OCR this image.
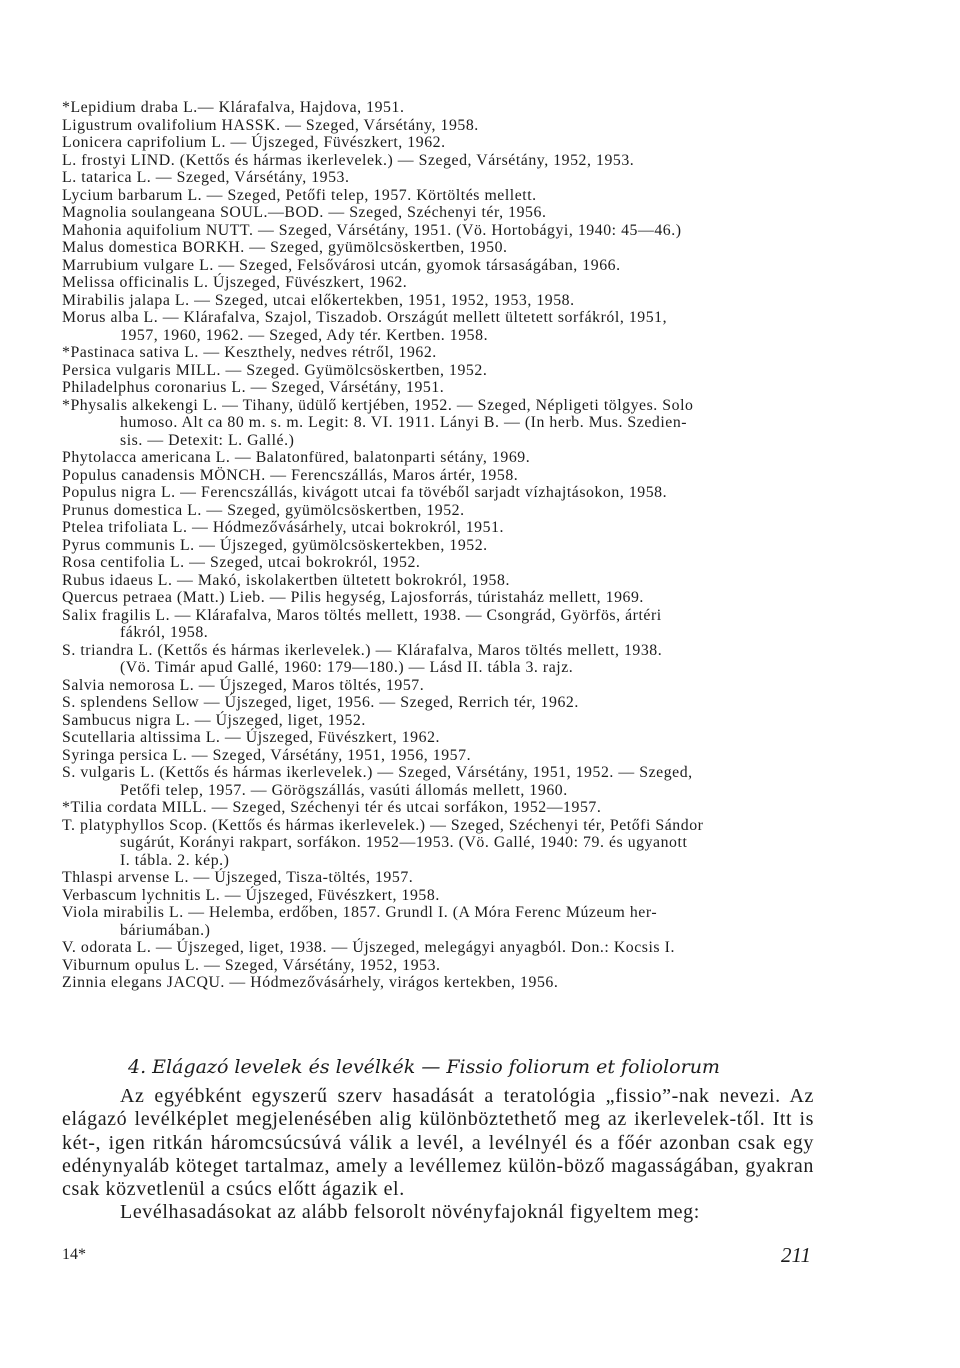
*Lepidium draba L.— Klárafalva, Hajdova, 1951.
Ligustrum ovalifolium HASSK. — Szeged, Vársétány, 1958.
Lonicera caprifolium L. — Újszeged, Füvészkert, 1962.
L. frostyi LIND. (Kettős és hármas ikerlevelek.) — Szeged, Vársétány, 1952, 1953.
L. tatarica L. — Szeged, Vársétány, 1953.
Lycium barbarum L. — Szeged, Petőfi telep, 1957. Körtöltés mellett.
Magnolia soulangeana SOUL.—BOD. — Szeged, Széchenyi tér, 1956.
Mahonia aquifolium NUTT. — Szeged, Vársétány, 1951. (Vö. Hortobágyi, 1940: 45—46.)
Malus domestica BORKH. — Szeged, gyümölcsöskertben, 1950.
Marrubium vulgare L. — Szeged, Felsővárosi utcán, gyomok társaságában, 1966.
Melissa officinalis L. Újszeged, Füvészkert, 1962.
Mirabilis jalapa L. — Szeged, utcai előkertekben, 1951, 1952, 1953, 1958.
Morus alba L. — Klárafalva, Szajol, Tiszadob. Országút mellett ültetett sorfákról, 1951,
1957, 1960, 1962. — Szeged, Ady tér. Kertben. 1958.
*Pastinaca sativa L. — Keszthely, nedves rétről, 1962.
Persica vulgaris MILL. — Szeged. Gyümölcsöskertben, 1952.
Philadelphus coronarius L. — Szeged, Vársétány, 1951.
*Physalis alkekengi L. — Tihany, üdülő kertjében, 1952. — Szeged, Népligeti tölgyes. Solo
humoso. Alt ca 80 m. s. m. Legit: 8. VI. 1911. Lányi B. — (In herb. Mus. Szedien-
sis. — Detexit: L. Gallé.)
Phytolacca americana L. — Balatonfüred, balatonparti sétány, 1969.
Populus canadensis MÖNCH. — Ferencszállás, Maros ártér, 1958.
Populus nigra L. — Ferencszállás, kivágott utcai fa tövéből sarjadt vízhajtásokon, 1958.
Prunus domestica L. — Szeged, gyümölcsöskertben, 1952.
Ptelea trifoliata L. — Hódmezővásárhely, utcai bokrokról, 1951.
Pyrus communis L. — Újszeged, gyümölcsöskertekben, 1952.
Rosa centifolia L. — Szeged, utcai bokrokról, 1952.
Rubus idaeus L. — Makó, iskolakertben ültetett bokrokról, 1958.
Quercus petraea (Matt.) Lieb. — Pilis hegység, Lajosforrás, túristaház mellett, 1969.
Salix fragilis L. — Klárafalva, Maros töltés mellett, 1938. — Csongrád, Györfös, ártéri
fákról, 1958.
S. triandra L. (Kettős és hármas ikerlevelek.) — Klárafalva, Maros töltés mellett, 1938.
(Vö. Timár apud Gallé, 1960: 179—180.) — Lásd II. tábla 3. rajz.
Salvia nemorosa L. — Újszeged, Maros töltés, 1957.
S. splendens Sellow — Újszeged, liget, 1956. — Szeged, Rerrich tér, 1962.
Sambucus nigra L. — Újszeged, liget, 1952.
Scutellaria altissima L. — Újszeged, Füvészkert, 1962.
Syringa persica L. — Szeged, Vársétány, 1951, 1956, 1957.
S. vulgaris L. (Kettős és hármas ikerlevelek.) — Szeged, Vársétány, 1951, 1952. — Szeged,
Petőfi telep, 1957. — Görögszállás, vasúti állomás mellett, 1960.
*Tilia cordata MILL. — Szeged, Széchenyi tér és utcai sorfákon, 1952—1957.
T. platyphyllos Scop. (Kettős és hármas ikerlevelek.) — Szeged, Széchenyi tér, Petőfi Sándor
sugárút, Korányi rakpart, sorfákon. 1952—1953. (Vö. Gallé, 1940: 79. és ugyanott
I. tábla. 2. kép.)
Thlaspi arvense L. — Újszeged, Tisza-töltés, 1957.
Verbascum lychnitis L. — Újszeged, Füvészkert, 1958.
Viola mirabilis L. — Helemba, erdőben, 1857. Grundl I. (A Móra Ferenc Múzeum her-
báriumában.)
V. odorata L. — Újszeged, liget, 1938. — Újszeged, melegágyi anyagból. Don.: Kocsis I.
Viburnum opulus L. — Szeged, Vársétány, 1952, 1953.
Zinnia elegans JACQU. — Hódmezővásárhely, virágos kertekben, 1956.
4. Elágazó levelek és levélkék — Fissio foliorum et foliolorum

Az egyébként egyszerű szerv hasadását a teratológia „fissio”-nak nevezi. Az elágazó levélképlet megjelenésében alig különböztethető meg az ikerlevelek-től. Itt is két-, igen ritkán háromcsúcsúvá válik a levél, a levélnyél és a főér azonban csak egy edénynyaláb köteget tartalmaz, amely a levéllemez külön-böző magasságában, gyakran csak közvetlenül a csúcs előtt ágazik el.

Levélhasadásokat az alább felsorolt növényfajoknál figyeltem meg:

14*	211
